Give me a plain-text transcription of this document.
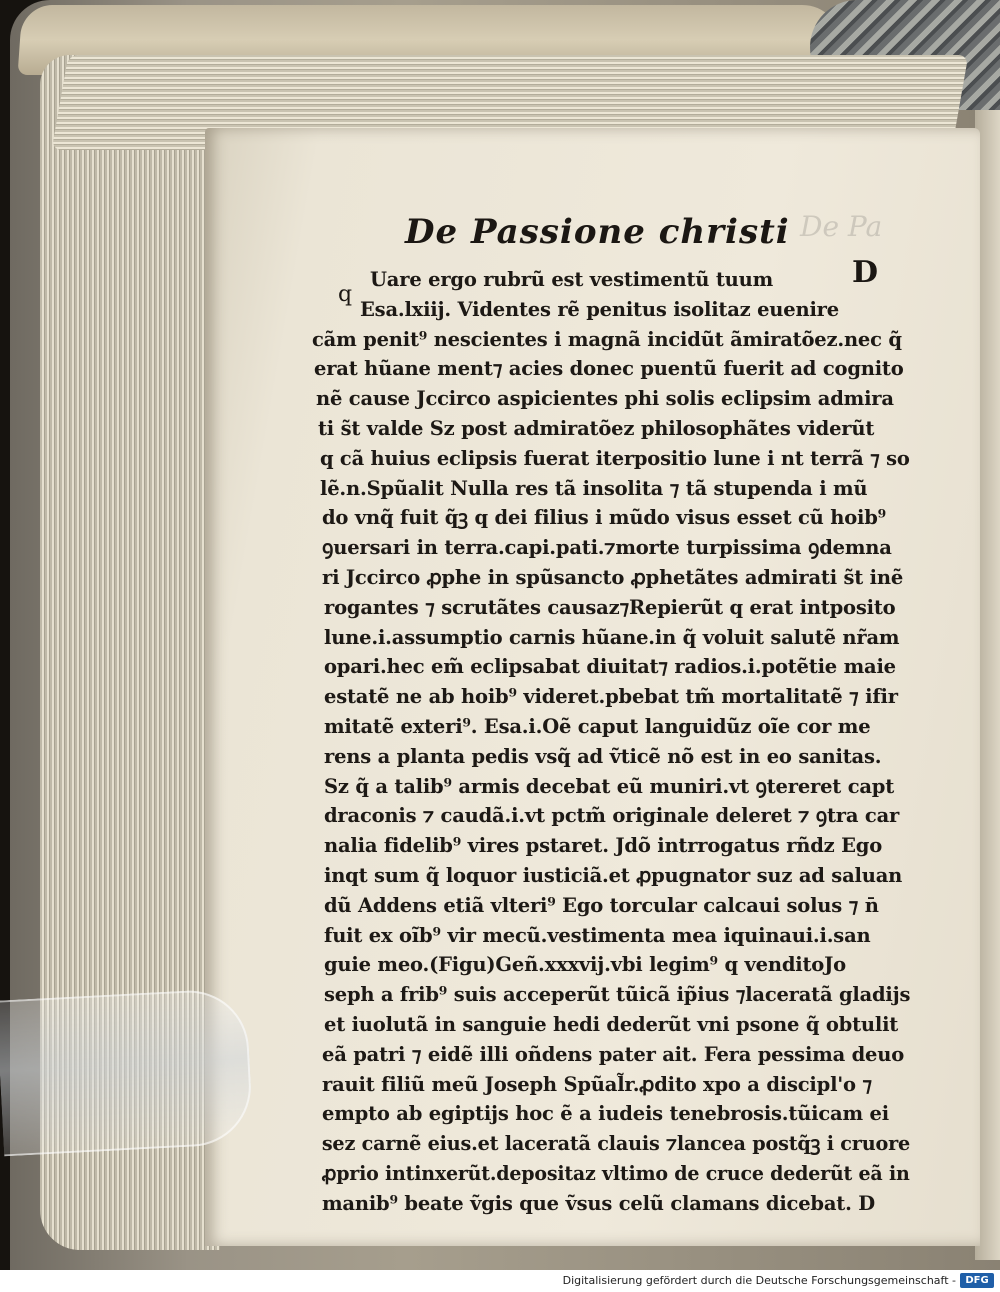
De Pa
De Passione christi
D
q
Uare ergo rubrũ est vestimentũ tuum
Esa.lxiij. Videntes rẽ penitus isolitaz euenire
cãm penit⁹ nescientes i magnã incidũt ãmiratõez.nec q̃
erat hũane ment⁊ acies donec puentũ fuerit ad cognito
nẽ cause Jccirco aspicientes phi solis eclipsim admira
ti s̃t valde Sz post admiratõez philosophãtes viderũt
q cã huius eclipsis fuerat iterpositio lune i nt terrã ⁊ so
lẽ.n.Spũalit Nulla res tã insolita ⁊ tã stupenda i mũ
do vnq̃ fuit q̃ꝫ q dei filius i mũdo visus esset cũ hoib⁹
ꝯuersari in terra.capi.pati.⁊morte turpissima ꝯdemna
ri Jccirco ꝓphe in spũsancto ꝓphetãtes admirati s̃t inẽ
rogantes ⁊ scrutãtes causaz⁊Repierũt q erat intposito
lune.i.assumptio carnis hũane.in q̃ voluit salutẽ nr̃am
opari.hec em̃ eclipsabat diuitat⁊ radios.i.potẽtie maie
estatẽ ne ab hoib⁹ videret.pbebat tm̃ mortalitatẽ ⁊ ifir
mitatẽ exteri⁹. Esa.i.Oẽ caput languidũz oĩe cor me
rens a planta pedis vsq̃ ad ṽticẽ nõ est in eo sanitas.
Sz q̃ a talib⁹ armis decebat eũ muniri.vt ꝯtereret capt
draconis ⁊ caudã.i.vt pctm̃ originale deleret ⁊ ꝯtra car
nalia fidelib⁹ vires pstaret. Jdõ intrrogatus rñdz Ego
inqt sum q̃ loquor iusticiã.et ꝓpugnator suz ad saluan
dũ Addens etiã vlteri⁹ Ego torcular calcaui solus ⁊ n̄
fuit ex oĩb⁹ vir mecũ.vestimenta mea iquinaui.i.san
guie meo.(Figu)Geñ.xxxvij.vbi legim⁹ q venditoJo
seph a frib⁹ suis acceperũt tũicã ip̃ius ⁊laceratã gladijs
et iuolutã in sanguie hedi dederũt vni psone q̃ obtulit
eã patri ⁊ eidẽ illi oñdens pater ait. Fera pessima deuo
rauit filiũ meũ Joseph Spũal̃r.ꝓdito xpo a discipl'o ⁊
empto ab egiptijs hoc ẽ a iudeis tenebrosis.tũicam ei
sez carnẽ eius.et laceratã clauis ⁊lancea postq̃ꝫ i cruore
ꝓprio intinxerũt.depositaz vltimo de cruce dederũt eã in
manib⁹ beate ṽgis que ṽsus celũ clamans dicebat. D
Digitalisierung gefördert durch die Deutsche Forschungsgemeinschaft - DFG
